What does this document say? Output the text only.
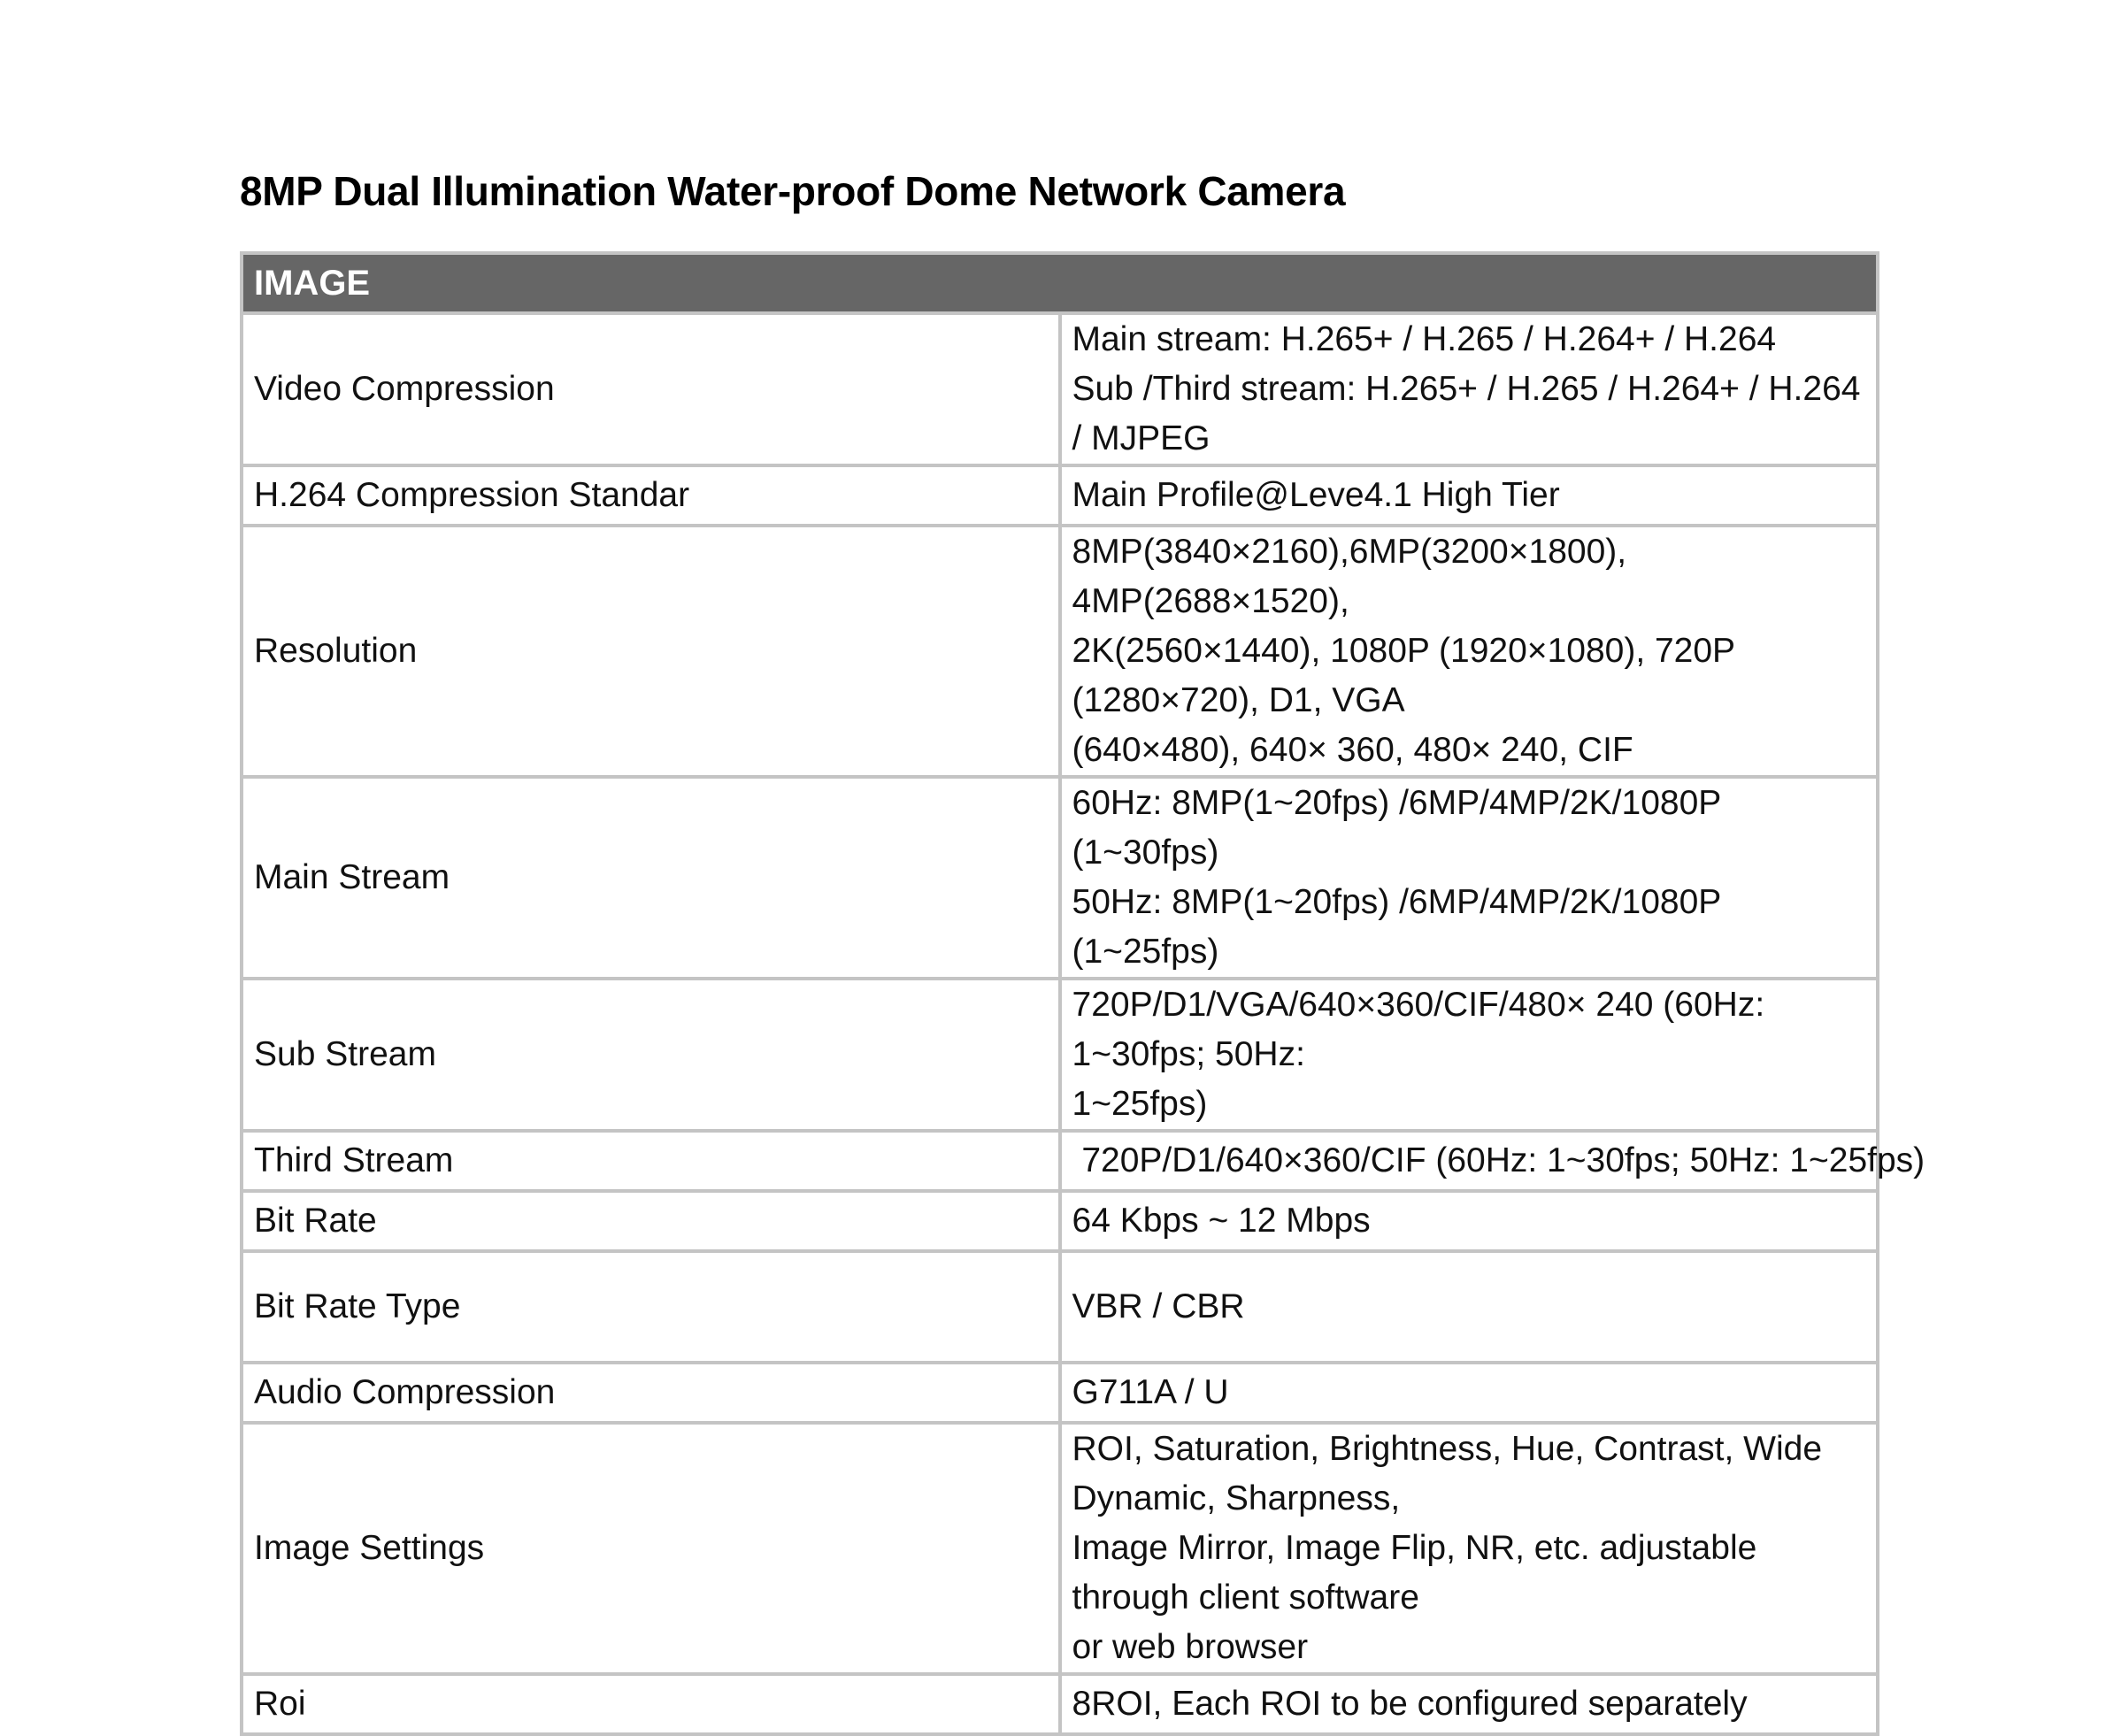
8MP Dual Illumination Water-proof Dome Network Camera
IMAGE	
Video Compression	Main stream: H.265+ / H.265 / H.264+ / H.264
Sub /Third stream: H.265+ / H.265 / H.264+ / H.264 / MJPEG

H.264 Compression Standar	Main Profile@Leve4.1 High Tier

Resolution	8MP(3840×2160),6MP(3200×1800), 4MP(2688×1520),
2K(2560×1440), 1080P (1920×1080), 720P (1280×720), D1, VGA
(640×480), 640× 360, 480× 240, CIF

Main Stream	60Hz: 8MP(1~20fps) /6MP/4MP/2K/1080P (1~30fps)
50Hz: 8MP(1~20fps) /6MP/4MP/2K/1080P (1~25fps)

Sub Stream	720P/D1/VGA/640×360/CIF/480× 240 (60Hz: 1~30fps; 50Hz:
1~25fps)

Third Stream	720P/D1/640×360/CIF (60Hz: 1~30fps; 50Hz: 1~25fps)

Bit Rate	64 Kbps ~ 12 Mbps

Bit Rate Type	VBR / CBR

Audio Compression	G711A / U

Image Settings	ROI, Saturation, Brightness, Hue, Contrast, Wide Dynamic, Sharpness,
Image Mirror, Image Flip, NR, etc. adjustable through client software
or web browser

Roi	8ROI, Each ROI to be configured separately
